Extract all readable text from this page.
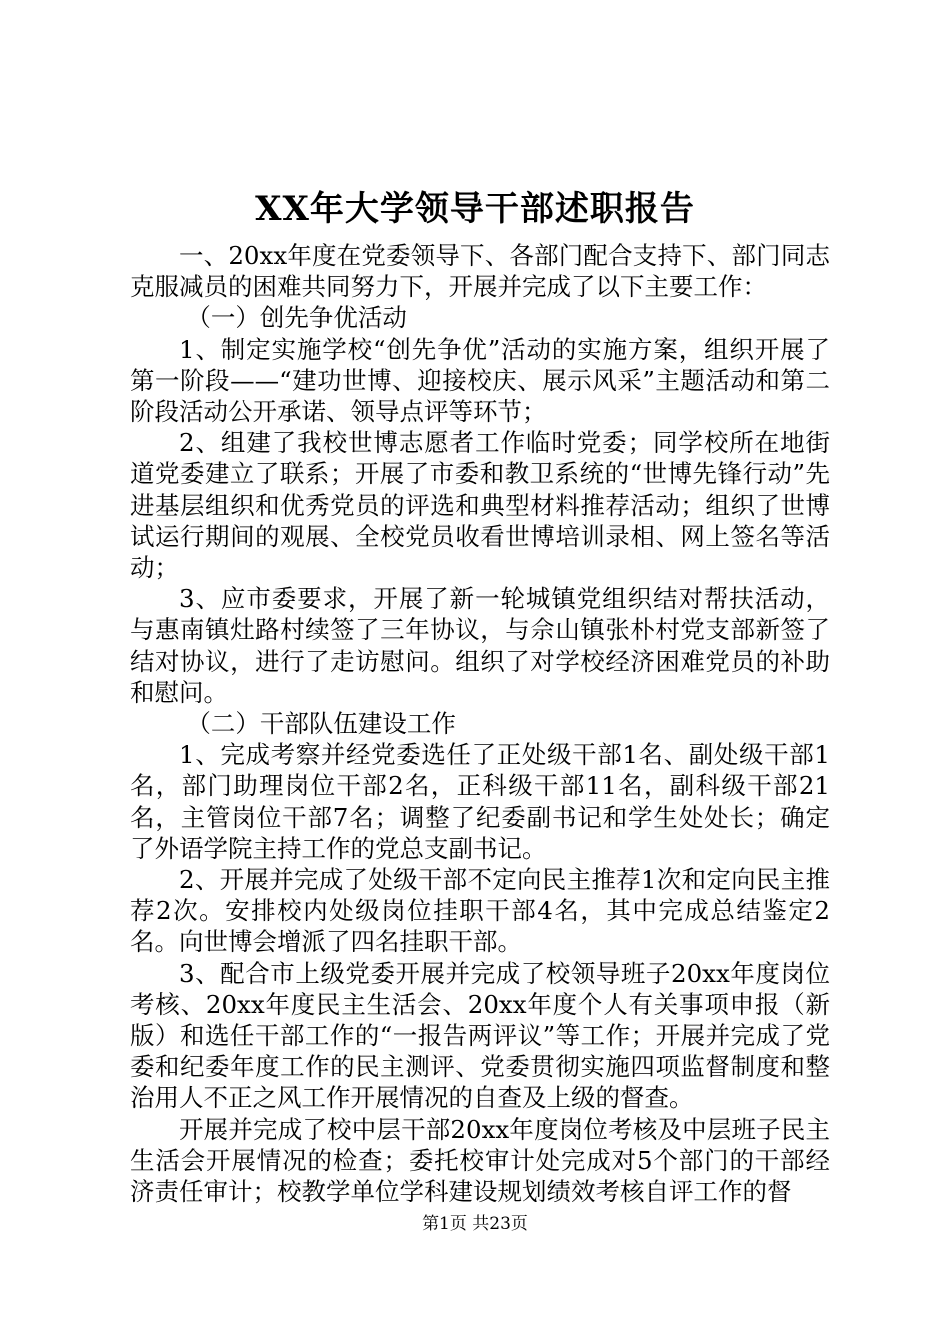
XX年大学领导干部述职报告

一、20xx年度在党委领导下、各部门配合支持下、部门同志克服减员的困难共同努力下，开展并完成了以下主要工作：

（一）创先争优活动

1、制定实施学校“创先争优”活动的实施方案，组织开展了第一阶段——“建功世博、迎接校庆、展示风采”主题活动和第二阶段活动公开承诺、领导点评等环节；

2、组建了我校世博志愿者工作临时党委；同学校所在地街道党委建立了联系；开展了市委和教卫系统的“世博先锋行动”先进基层组织和优秀党员的评选和典型材料推荐活动；组织了世博试运行期间的观展、全校党员收看世博培训录相、网上签名等活动；

3、应市委要求，开展了新一轮城镇党组织结对帮扶活动，与惠南镇灶路村续签了三年协议，与佘山镇张朴村党支部新签了结对协议，进行了走访慰问。组织了对学校经济困难党员的补助和慰问。

（二）干部队伍建设工作

1、完成考察并经党委选任了正处级干部1名、副处级干部1名，部门助理岗位干部2名，正科级干部11名，副科级干部21名，主管岗位干部7名；调整了纪委副书记和学生处处长；确定了外语学院主持工作的党总支副书记。

2、开展并完成了处级干部不定向民主推荐1次和定向民主推荐2次。安排校内处级岗位挂职干部4名，其中完成总结鉴定2名。向世博会增派了四名挂职干部。

3、配合市上级党委开展并完成了校领导班子20xx年度岗位考核、20xx年度民主生活会、20xx年度个人有关事项申报（新版）和选任干部工作的“一报告两评议”等工作；开展并完成了党委和纪委年度工作的民主测评、党委贯彻实施四项监督制度和整治用人不正之风工作开展情况的自查及上级的督查。

开展并完成了校中层干部20xx年度岗位考核及中层班子民主生活会开展情况的检查；委托校审计处完成对5个部门的干部经济责任审计；校教学单位学科建设规划绩效考核自评工作的督

第1页 共23页
